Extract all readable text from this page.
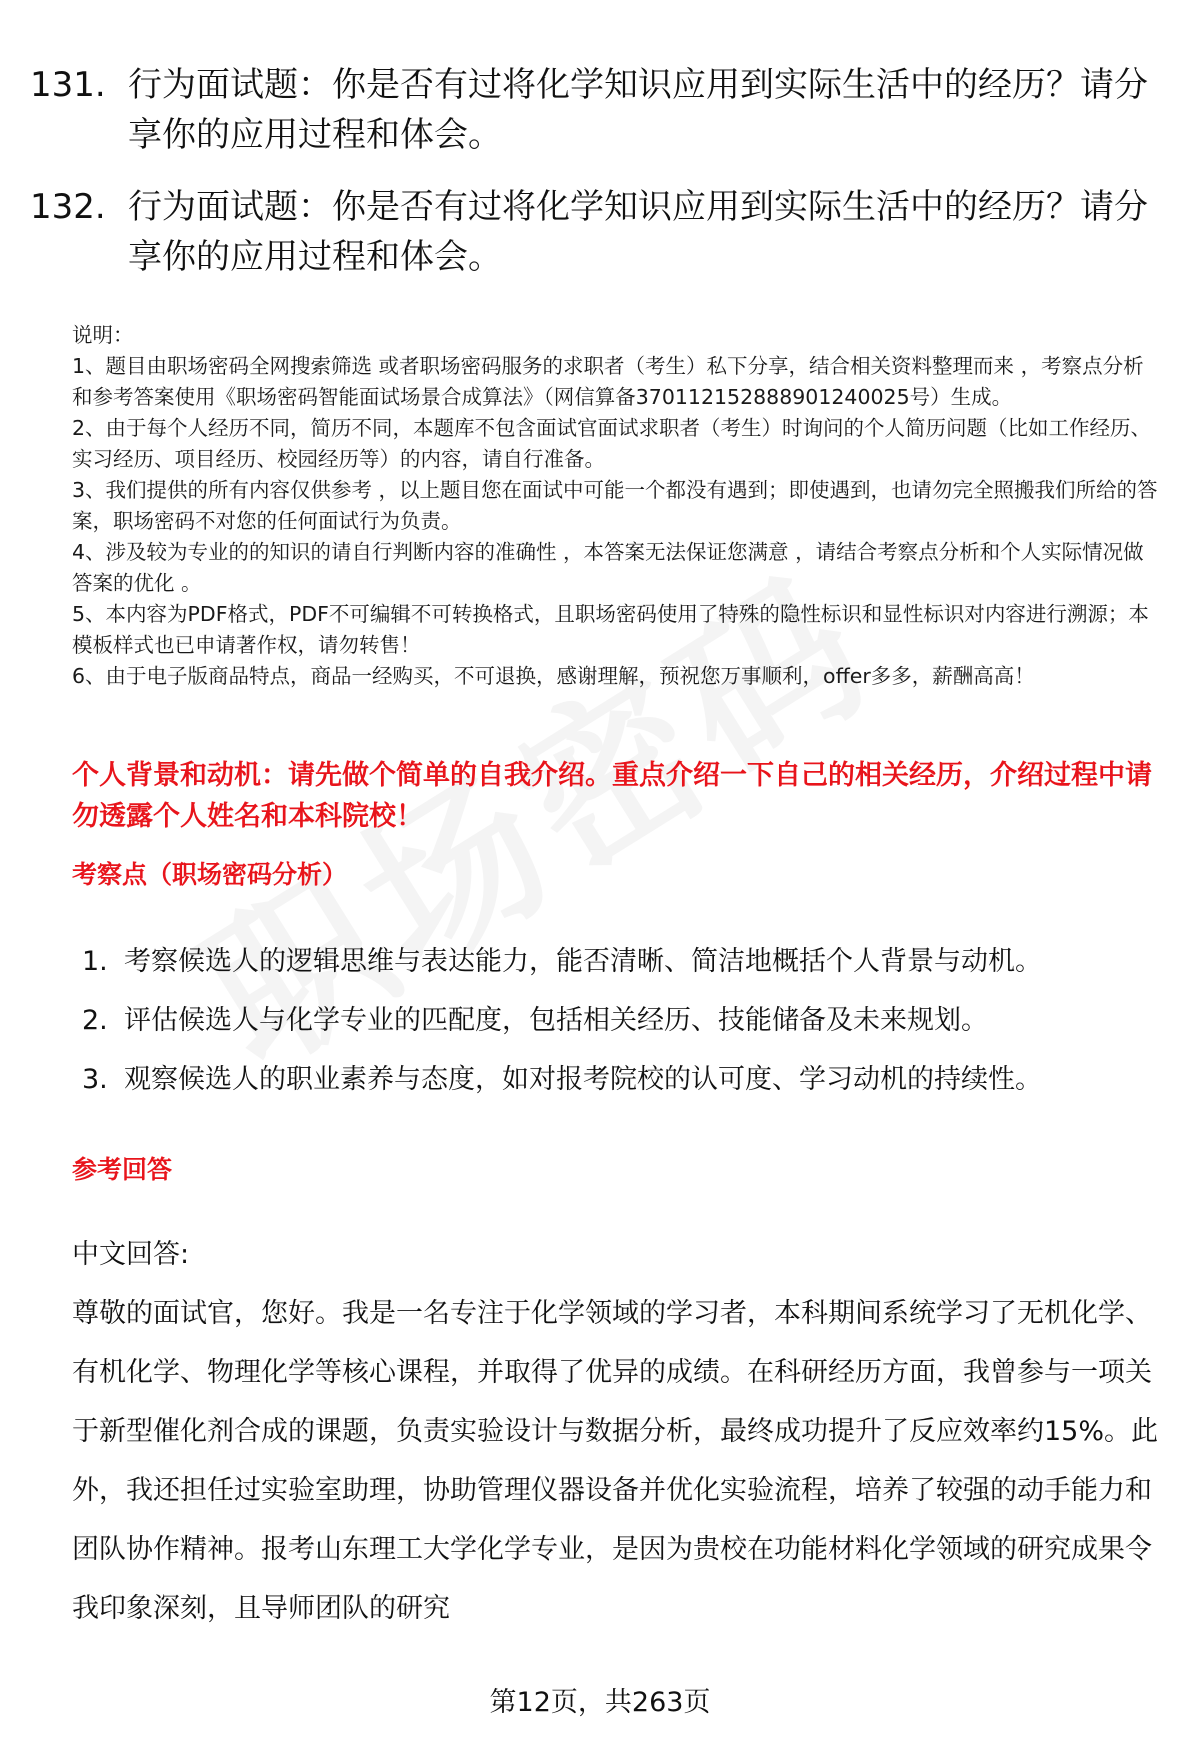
131. 行为面试题：你是否有过将化学知识应用到实际生活中的经历？请分享你的应用过程和体会。
132. 行为面试题：你是否有过将化学知识应用到实际生活中的经历？请分享你的应用过程和体会。

说明：

1、题目由职场密码全网搜索筛选 或者职场密码服务的求职者（考生）私下分享，结合相关资料整理而来 ，考察点分析和参考答案使用《职场密码智能面试场景合成算法》（网信算备370112152888901240025号）生成。

2、由于每个人经历不同，简历不同，本题库不包含面试官面试求职者（考生）时询问的个人简历问题（比如工作经历、实习经历、项目经历、校园经历等）的内容，请自行准备。

3、我们提供的所有内容仅供参考 ，以上题目您在面试中可能一个都没有遇到；即使遇到，也请勿完全照搬我们所给的答案，职场密码不对您的任何面试行为负责。

4、涉及较为专业的的知识的请自行判断内容的准确性 ，本答案无法保证您满意 ，请结合考察点分析和个人实际情况做答案的优化 。

5、本内容为PDF格式，PDF不可编辑不可转换格式，且职场密码使用了特殊的隐性标识和显性标识对内容进行溯源；本模板样式也已申请著作权，请勿转售！

6、由于电子版商品特点，商品一经购买，不可退换，感谢理解，预祝您万事顺利，offer多多，薪酬高高！

个人背景和动机：请先做个简单的自我介绍。重点介绍一下自己的相关经历，介绍过程中请勿透露个人姓名和本科院校！
考察点（职场密码分析）
1. 考察候选人的逻辑思维与表达能力，能否清晰、简洁地概括个人背景与动机。
2. 评估候选人与化学专业的匹配度，包括相关经历、技能储备及未来规划。
3. 观察候选人的职业素养与态度，如对报考院校的认可度、学习动机的持续性。
参考回答

中文回答:

尊敬的面试官，您好。我是一名专注于化学领域的学习者，本科期间系统学习了无机化学、有机化学、物理化学等核心课程，并取得了优异的成绩。在科研经历方面，我曾参与一项关于新型催化剂合成的课题，负责实验设计与数据分析，最终成功提升了反应效率约15%。此外，我还担任过实验室助理，协助管理仪器设备并优化实验流程，培养了较强的动手能力和团队协作精神。报考山东理工大学化学专业，是因为贵校在功能材料化学领域的研究成果令我印象深刻，且导师团队的研究

第12页，共263页
